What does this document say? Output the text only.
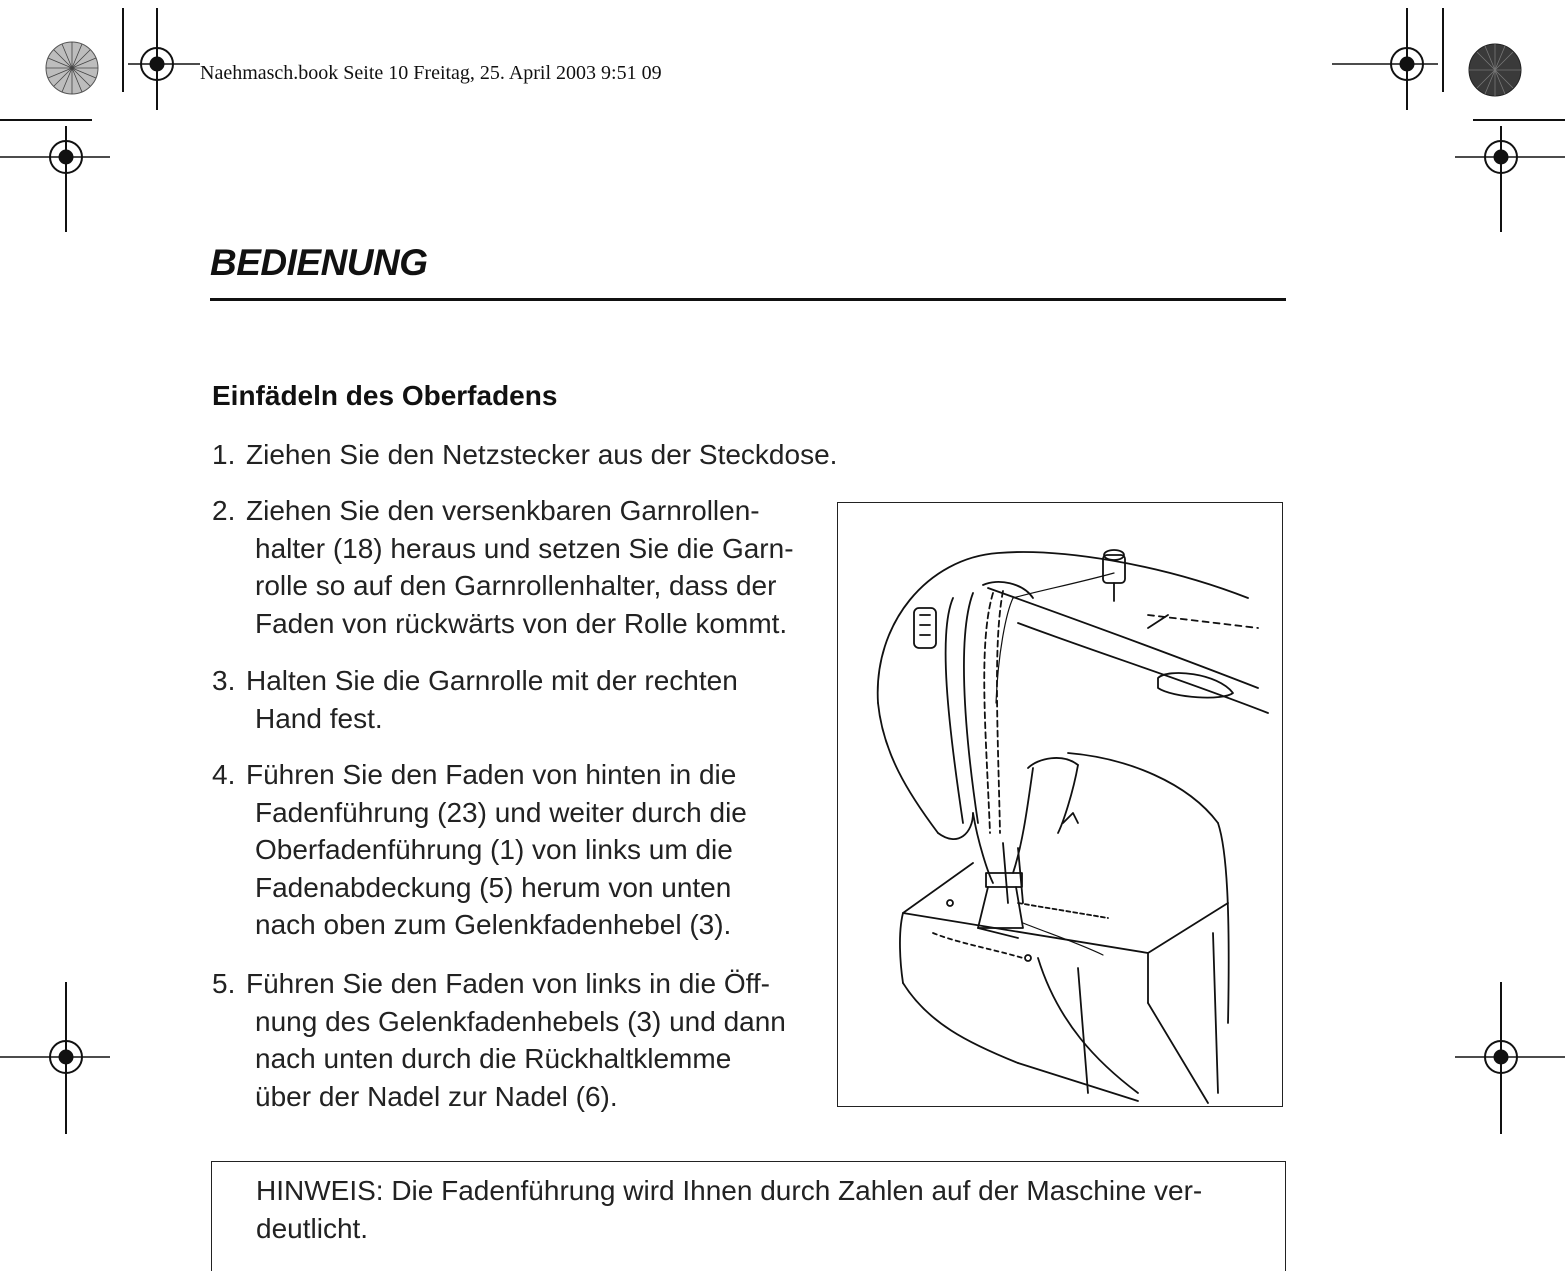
Naehmasch.book Seite 10 Freitag, 25. April 2003 9:51 09
BEDIENUNG
Einfädeln des Oberfadens
1. Ziehen Sie den Netzstecker aus der Steckdose.
2. Ziehen Sie den versenkbaren Garnrollen-
halter (18) heraus und setzen Sie die Garn-
rolle so auf den Garnrollenhalter, dass der
Faden von rückwärts von der Rolle kommt.
3. Halten Sie die Garnrolle mit der rechten
Hand fest.
4. Führen Sie den Faden von hinten in die
Fadenführung (23) und weiter durch die
Oberfadenführung (1) von links um die
Fadenabdeckung (5) herum von unten
nach oben zum Gelenkfadenhebel (3).
5. Führen Sie den Faden von links in die Öff-
nung des Gelenkfadenhebels (3) und dann
nach unten durch die Rückhaltklemme
über der Nadel zur Nadel (6).
HINWEIS: Die Fadenführung wird Ihnen durch Zahlen auf der Maschine ver-
deutlicht.
